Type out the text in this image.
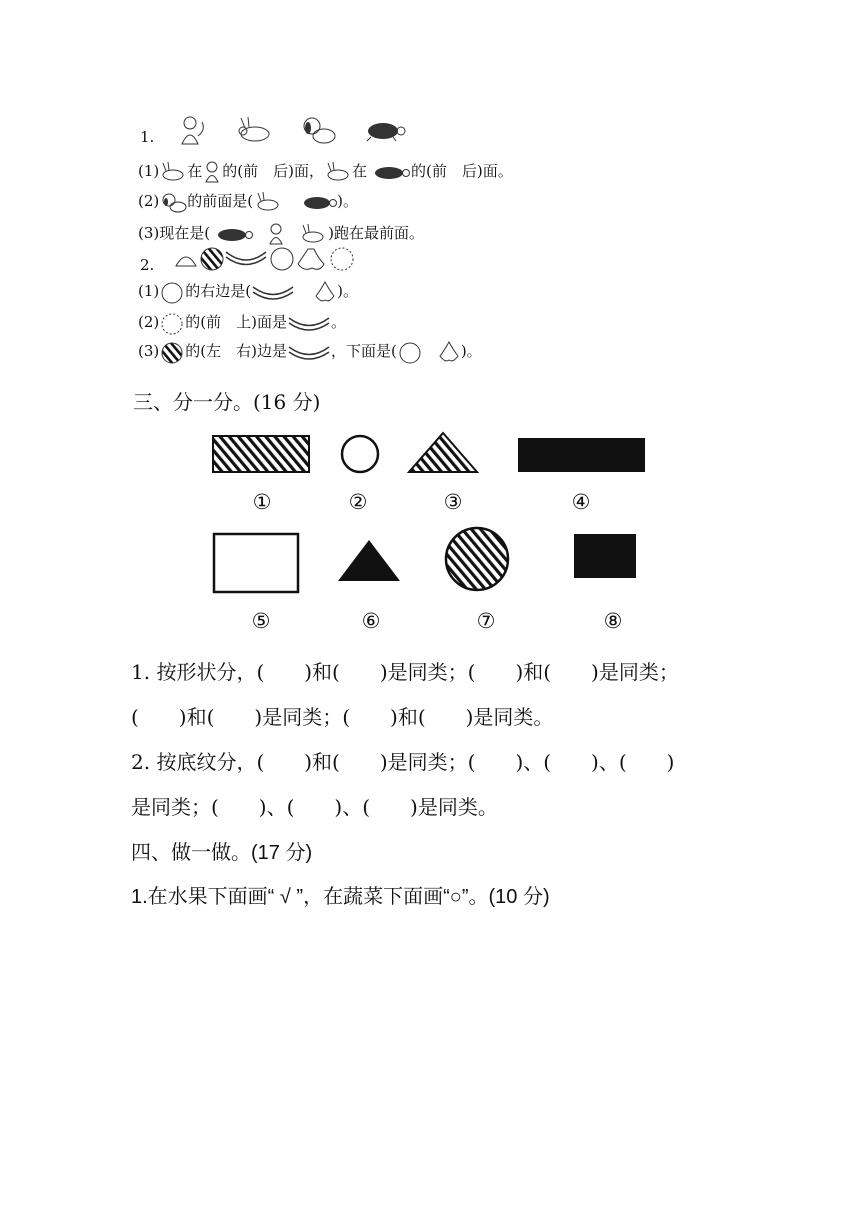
1.

(1) 在 的(前　后)面， 在	的(前　后)面。
(2) 的前面是(	)。
(3)现在是(	)跑在最前面。
2.
(1) 的右边是(	)。
(2) 的(前　上)面是	。
(3) 的(左　右)边是	，下面是(	)。
三、分一分。(16 分)
①	②	③	④
⑤	⑥	⑦	⑧
1. 按形状分，(　　)和(　　)是同类；(　　)和(　　)是同类；
(　　)和(　　)是同类；(　　)和(　　)是同类。
2. 按底纹分，(　　)和(　　)是同类；(　　)、(　　)、(　　)
是同类；(　　)、(　　)、(　　)是同类。
四、做一做。(17 分)
1.在水果下面画“ √ ”，在蔬菜下面画“○”。(10 分)
